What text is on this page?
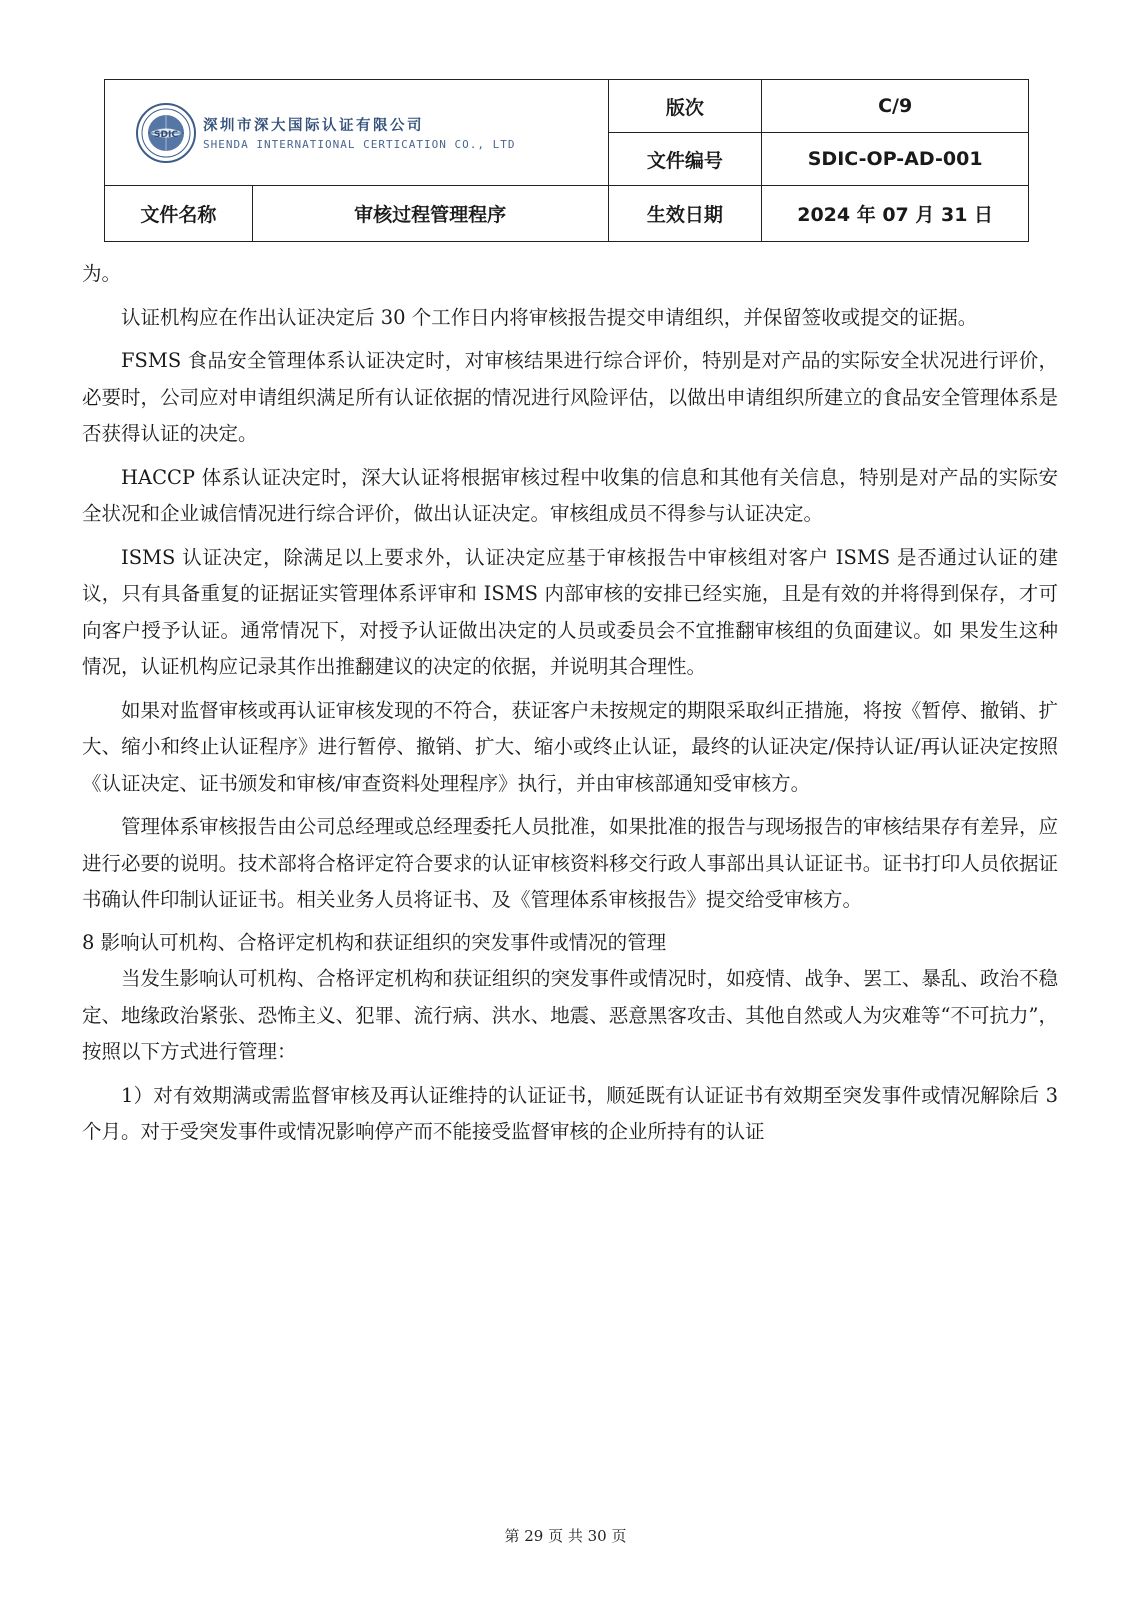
SDIC
深圳市深大国际认证有限公司
SHENDA INTERNATIONAL CERTICATION CO., LTD		版次	C/9
		文件编号	SDIC-OP-AD-001
文件名称	审核过程管理程序	生效日期	2024 年 07 月 31 日

为。

认证机构应在作出认证决定后 30 个工作日内将审核报告提交申请组织，并保留签收或提交的证据。

FSMS 食品安全管理体系认证决定时，对审核结果进行综合评价，特别是对产品的实际安全状况进行评价，必要时，公司应对申请组织满足所有认证依据的情况进行风险评估，以做出申请组织所建立的食品安全管理体系是否获得认证的决定。

HACCP 体系认证决定时，深大认证将根据审核过程中收集的信息和其他有关信息，特别是对产品的实际安全状况和企业诚信情况进行综合评价，做出认证决定。审核组成员不得参与认证决定。

ISMS 认证决定，除满足以上要求外，认证决定应基于审核报告中审核组对客户 ISMS 是否通过认证的建议，只有具备重复的证据证实管理体系评审和 ISMS 内部审核的安排已经实施，且是有效的并将得到保存，才可向客户授予认证。通常情况下，对授予认证做出决定的人员或委员会不宜推翻审核组的负面建议。如 果发生这种情况，认证机构应记录其作出推翻建议的决定的依据，并说明其合理性。

如果对监督审核或再认证审核发现的不符合，获证客户未按规定的期限采取纠正措施，将按《暂停、撤销、扩大、缩小和终止认证程序》进行暂停、撤销、扩大、缩小或终止认证，最终的认证决定/保持认证/再认证决定按照《认证决定、证书颁发和审核/审查资料处理程序》执行，并由审核部通知受审核方。

管理体系审核报告由公司总经理或总经理委托人员批准，如果批准的报告与现场报告的审核结果存有差异，应进行必要的说明。技术部将合格评定符合要求的认证审核资料移交行政人事部出具认证证书。证书打印人员依据证书确认件印制认证证书。相关业务人员将证书、及《管理体系审核报告》提交给受审核方。

8 影响认可机构、合格评定机构和获证组织的突发事件或情况的管理

当发生影响认可机构、合格评定机构和获证组织的突发事件或情况时，如疫情、战争、罢工、暴乱、政治不稳定、地缘政治紧张、恐怖主义、犯罪、流行病、洪水、地震、恶意黑客攻击、其他自然或人为灾难等“不可抗力”，按照以下方式进行管理：

1）对有效期满或需监督审核及再认证维持的认证证书，顺延既有认证证书有效期至突发事件或情况解除后 3 个月。对于受突发事件或情况影响停产而不能接受监督审核的企业所持有的认证

第 29 页 共 30 页
